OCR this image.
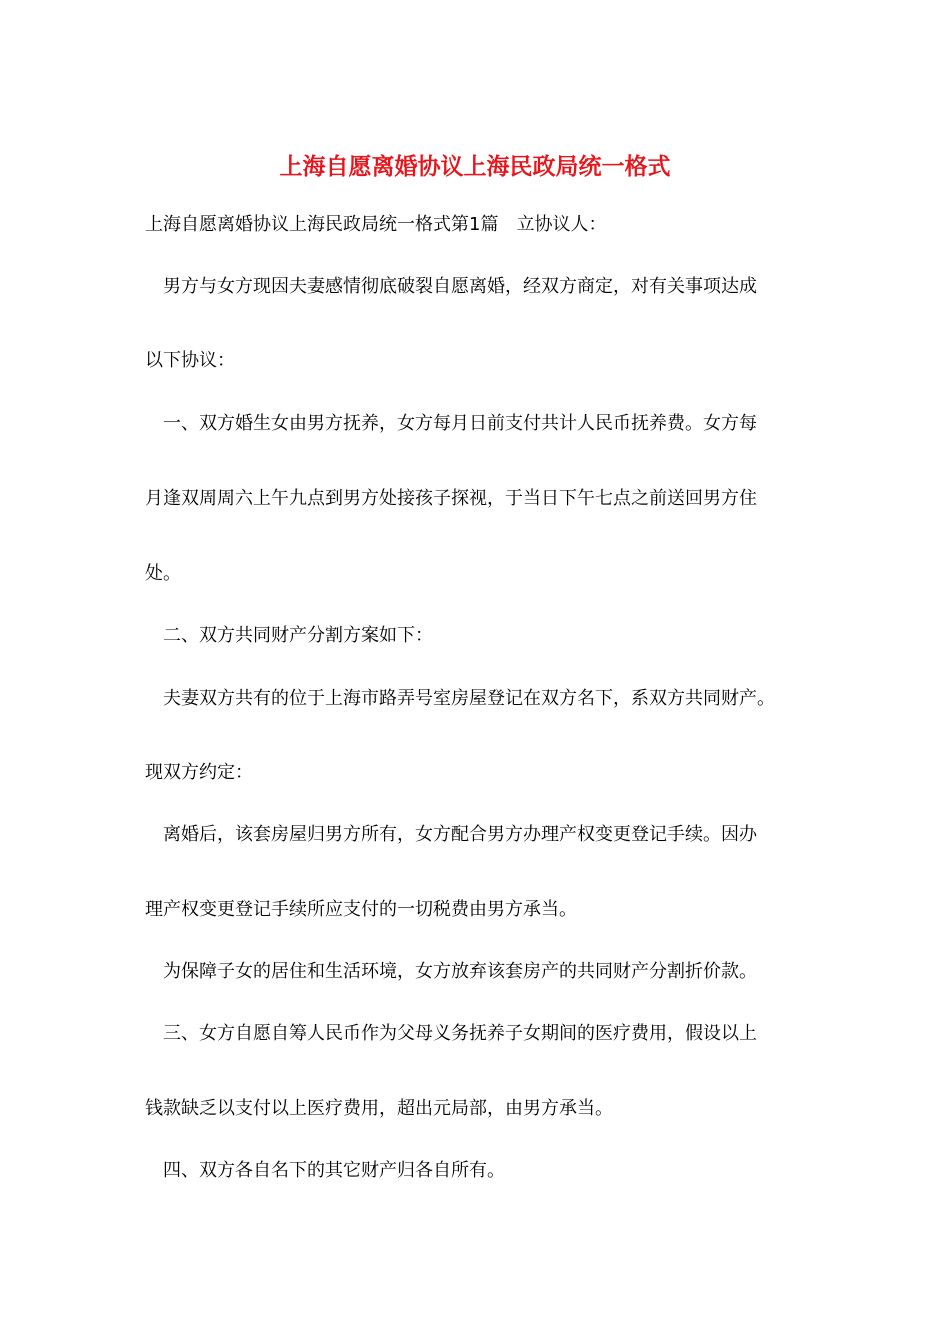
上海自愿离婚协议上海民政局统一格式
上海自愿离婚协议上海民政局统一格式第1篇　立协议人：
男方与女方现因夫妻感情彻底破裂自愿离婚，经双方商定，对有关事项达成
以下协议：
一、双方婚生女由男方抚养，女方每月日前支付共计人民币抚养费。女方每
月逢双周周六上午九点到男方处接孩子探视，于当日下午七点之前送回男方住
处。
二、双方共同财产分割方案如下：
夫妻双方共有的位于上海市路弄号室房屋登记在双方名下，系双方共同财产。
现双方约定：
离婚后，该套房屋归男方所有，女方配合男方办理产权变更登记手续。因办
理产权变更登记手续所应支付的一切税费由男方承当。
为保障子女的居住和生活环境，女方放弃该套房产的共同财产分割折价款。
三、女方自愿自筹人民币作为父母义务抚养子女期间的医疗费用，假设以上
钱款缺乏以支付以上医疗费用，超出元局部，由男方承当。
四、双方各自名下的其它财产归各自所有。
